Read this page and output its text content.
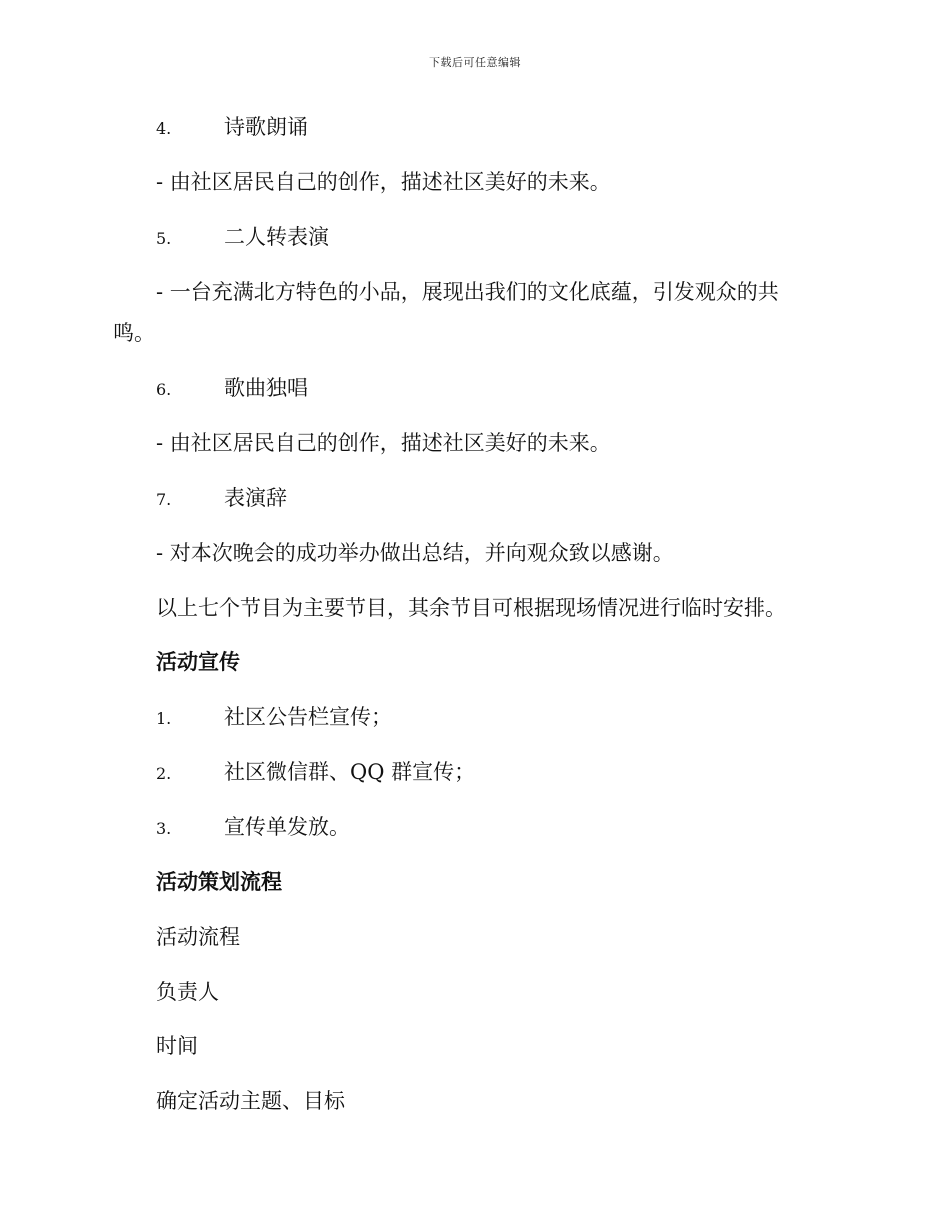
下载后可任意编辑
4.	诗歌朗诵
- 由社区居民自己的创作，描述社区美好的未来。
5.	二人转表演
- 一台充满北方特色的小品，展现出我们的文化底蕴，引发观众的共
鸣。
6.	歌曲独唱
- 由社区居民自己的创作，描述社区美好的未来。
7.	表演辞
- 对本次晚会的成功举办做出总结，并向观众致以感谢。
以上七个节目为主要节目，其余节目可根据现场情况进行临时安排。
活动宣传
1.	社区公告栏宣传；
2.	社区微信群、QQ 群宣传；
3.	宣传单发放。
活动策划流程
活动流程
负责人
时间
确定活动主题、目标
